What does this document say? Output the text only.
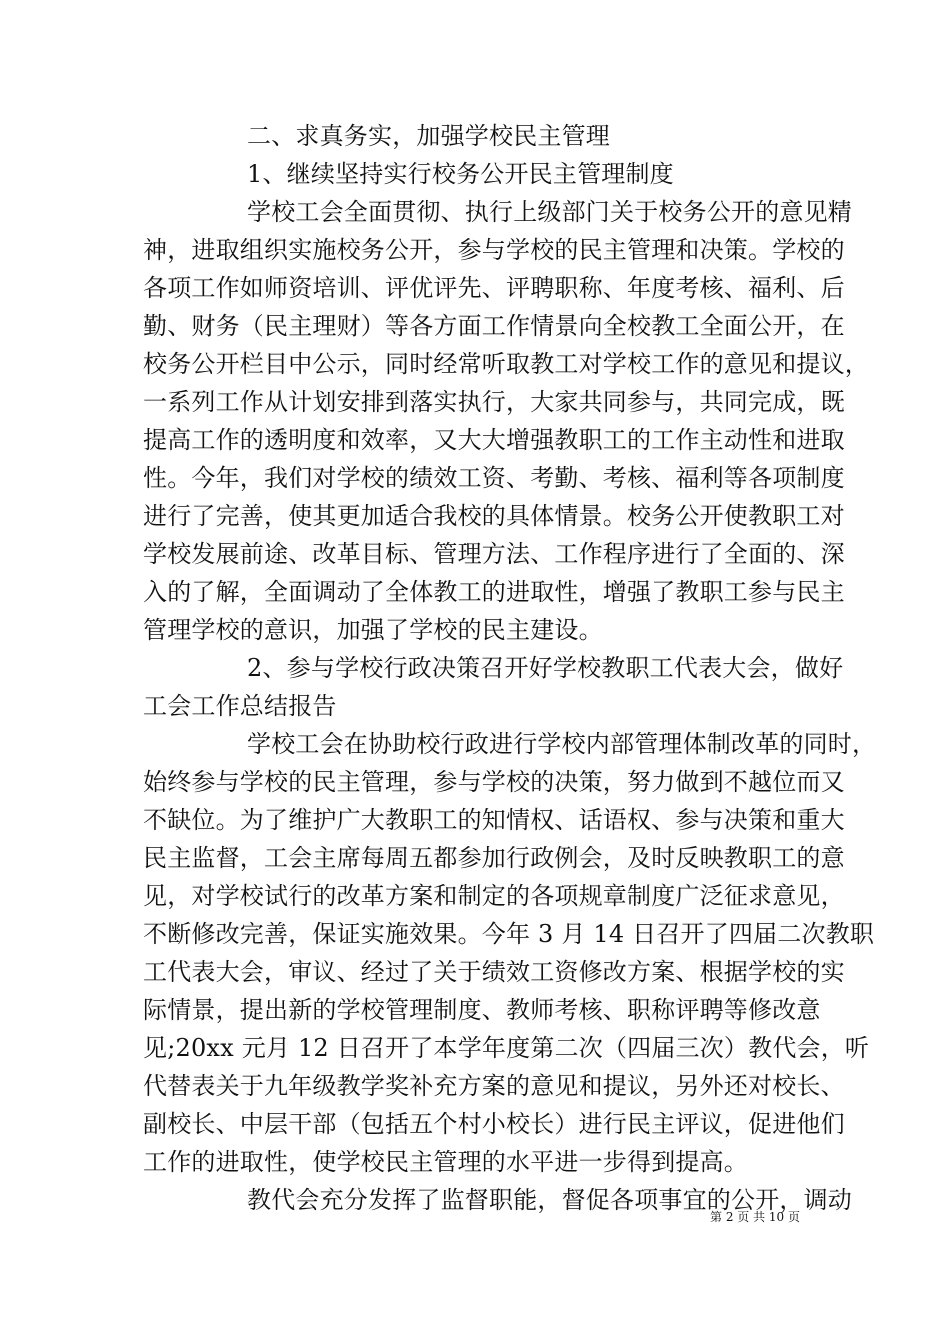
二、求真务实，加强学校民主管理
1、继续坚持实行校务公开民主管理制度
学校工会全面贯彻、执行上级部门关于校务公开的意见精
神，进取组织实施校务公开，参与学校的民主管理和决策。学校的
各项工作如师资培训、评优评先、评聘职称、年度考核、福利、后
勤、财务（民主理财）等各方面工作情景向全校教工全面公开，在
校务公开栏目中公示，同时经常听取教工对学校工作的意见和提议，
一系列工作从计划安排到落实执行，大家共同参与，共同完成，既
提高工作的透明度和效率，又大大增强教职工的工作主动性和进取
性。今年，我们对学校的绩效工资、考勤、考核、福利等各项制度
进行了完善，使其更加适合我校的具体情景。校务公开使教职工对
学校发展前途、改革目标、管理方法、工作程序进行了全面的、深
入的了解，全面调动了全体教工的进取性，增强了教职工参与民主
管理学校的意识，加强了学校的民主建设。
2、参与学校行政决策召开好学校教职工代表大会，做好
工会工作总结报告
学校工会在协助校行政进行学校内部管理体制改革的同时，
始终参与学校的民主管理，参与学校的决策，努力做到不越位而又
不缺位。为了维护广大教职工的知情权、话语权、参与决策和重大
民主监督，工会主席每周五都参加行政例会，及时反映教职工的意
见，对学校试行的改革方案和制定的各项规章制度广泛征求意见，
不断修改完善，保证实施效果。今年 3 月 14 日召开了四届二次教职
工代表大会，审议、经过了关于绩效工资修改方案、根据学校的实
际情景，提出新的学校管理制度、教师考核、职称评聘等修改意
见;20xx 元月 12 日召开了本学年度第二次（四届三次）教代会，听
代替表关于九年级教学奖补充方案的意见和提议，另外还对校长、
副校长、中层干部（包括五个村小校长）进行民主评议，促进他们
工作的进取性，使学校民主管理的水平进一步得到提高。
教代会充分发挥了监督职能，督促各项事宜的公开，调动
第 2 页 共 10 页
